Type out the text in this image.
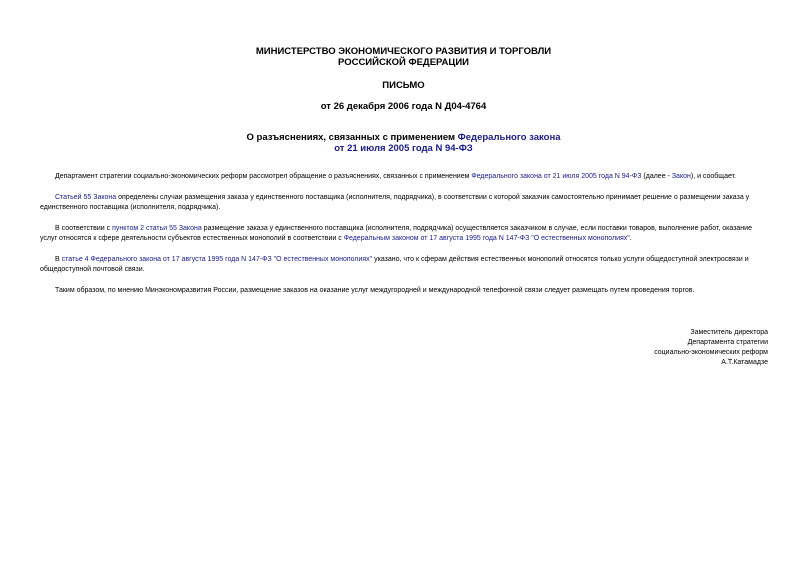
МИНИСТЕРСТВО ЭКОНОМИЧЕСКОГО РАЗВИТИЯ И ТОРГОВЛИ
РОССИЙСКОЙ ФЕДЕРАЦИИ
ПИСЬМО
от 26 декабря 2006 года N Д04-4764
О разъяснениях, связанных с применением Федерального закона
от 21 июля 2005 года N 94-ФЗ
Департамент стратегии социально-экономических реформ рассмотрел обращение о разъяснениях, связанных с применением Федерального закона от 21 июля 2005 года N 94-ФЗ (далее - Закон), и сообщает.
Статьей 55 Закона определены случаи размещения заказа у единственного поставщика (исполнителя, подрядчика), в соответствии с которой заказчик самостоятельно принимает решение о размещении заказа у единственного поставщика (исполнителя, подрядчика).
В соответствии с пунктом 2 статьи 55 Закона размещение заказа у единственного поставщика (исполнителя, подрядчика) осуществляется заказчиком в случае, если поставки товаров, выполнение работ, оказание услуг относятся к сфере деятельности субъектов естественных монополий в соответствии с Федеральным законом от 17 августа 1995 года N 147-ФЗ "О естественных монополиях".
В статье 4 Федерального закона от 17 августа 1995 года N 147-ФЗ "О естественных монополиях" указано, что к сферам действия естественных монополий относятся только услуги общедоступной электросвязи и общедоступной почтовой связи.
Таким образом, по мнению Минэкономразвития России, размещение заказов на оказание услуг междугородней и международной телефонной связи следует размещать путем проведения торгов.
Заместитель директора
Департамента стратегии
социально-экономических реформ
А.Т.Катамадзе
